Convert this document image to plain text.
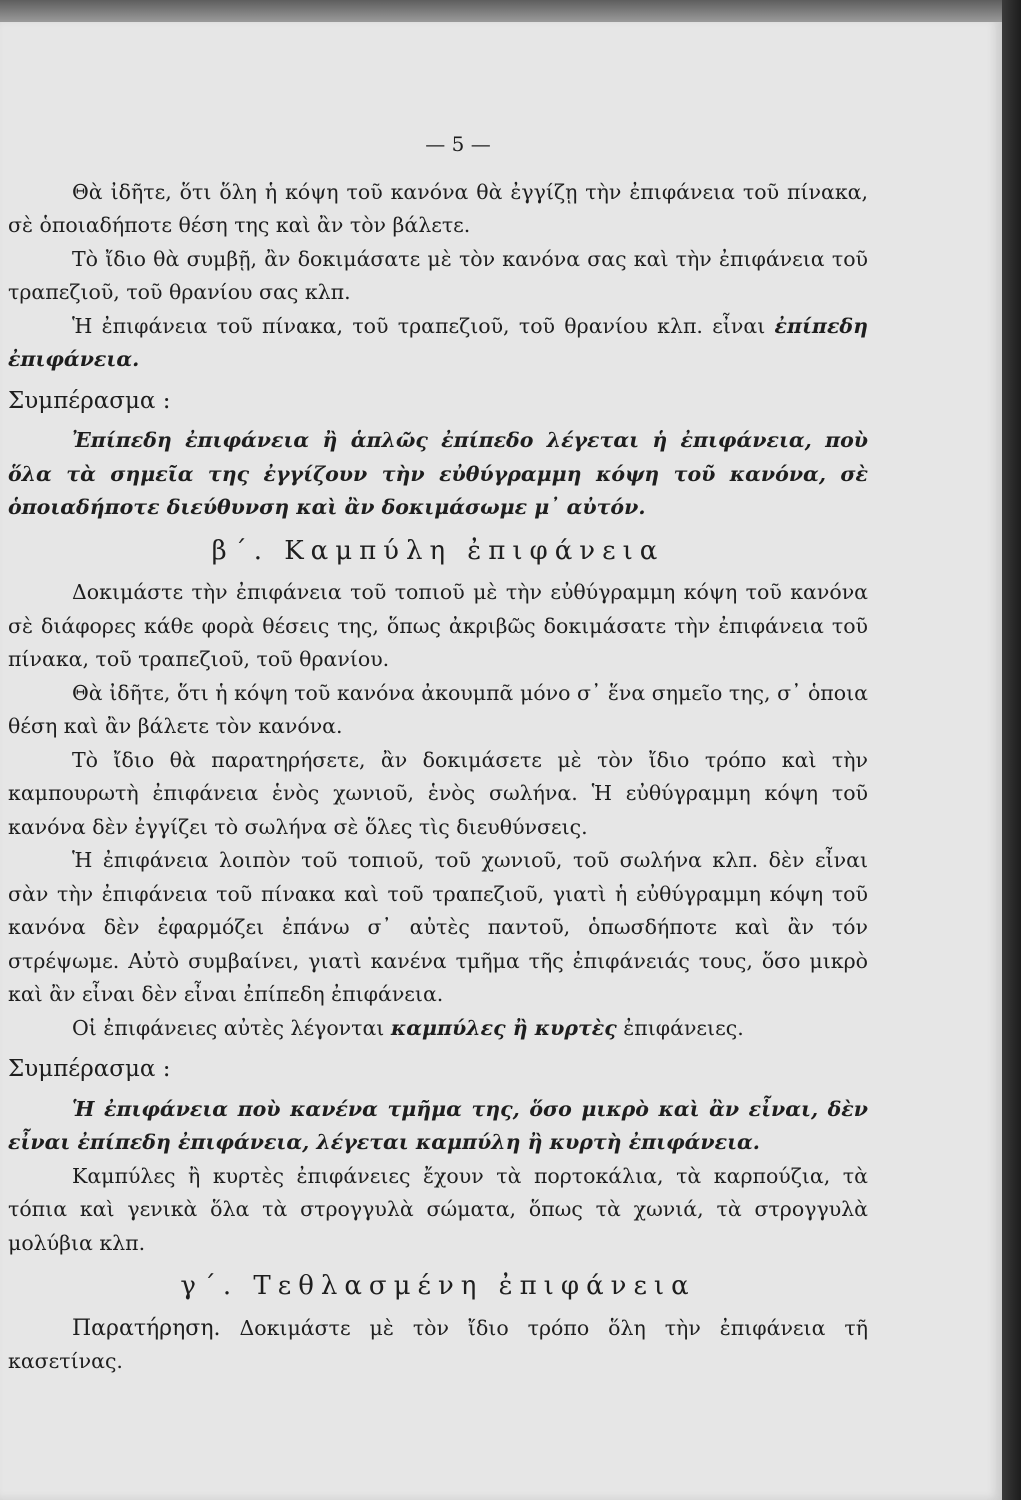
— 5 —

Θὰ ἰδῆτε, ὅτι ὅλη ἡ κόψη τοῦ κανόνα θὰ ἐγγίζῃ τὴν ἐπιφάνεια τοῦ πίνακα, σὲ ὁποιαδήποτε θέση της καὶ ἂν τὸν βάλετε.

Τὸ ἴδιο θὰ συμβῇ, ἂν δοκιμάσατε μὲ τὸν κανόνα σας καὶ τὴν ἐπιφάνεια τοῦ τραπεζιοῦ, τοῦ θρανίου σας κλπ.

Ἡ ἐπιφάνεια τοῦ πίνακα, τοῦ τραπεζιοῦ, τοῦ θρανίου κλπ. εἶναι ἐπίπεδη ἐπιφάνεια.

Συμπέρασμα :

Ἐπίπεδη ἐπιφάνεια ἢ ἁπλῶς ἐπίπεδο λέγεται ἡ ἐπιφάνεια, ποὺ ὅλα τὰ σημεῖα της ἐγγίζουν τὴν εὐθύγραμμη κόψη τοῦ κανόνα, σὲ ὁποιαδήποτε διεύθυνση καὶ ἂν δοκιμάσωμε μ᾽ αὐτόν.

β΄. Καμπύλη ἐπιφάνεια

Δοκιμάστε τὴν ἐπιφάνεια τοῦ τοπιοῦ μὲ τὴν εὐθύγραμμη κόψη τοῦ κανόνα σὲ διάφορες κάθε φορὰ θέσεις της, ὅπως ἀκριβῶς δοκιμάσατε τὴν ἐπιφάνεια τοῦ πίνακα, τοῦ τραπεζιοῦ, τοῦ θρανίου.

Θὰ ἰδῆτε, ὅτι ἡ κόψη τοῦ κανόνα ἀκουμπᾶ μόνο σ᾽ ἕνα σημεῖο της, σ᾽ ὁποια θέση καὶ ἂν βάλετε τὸν κανόνα.

Τὸ ἴδιο θὰ παρατηρήσετε, ἂν δοκιμάσετε μὲ τὸν ἴδιο τρόπο καὶ τὴν καμπουρωτὴ ἐπιφάνεια ἑνὸς χωνιοῦ, ἑνὸς σωλήνα. Ἡ εὐθύγραμμη κόψη τοῦ κανόνα δὲν ἐγγίζει τὸ σωλήνα σὲ ὅλες τὶς διευθύνσεις.

Ἡ ἐπιφάνεια λοιπὸν τοῦ τοπιοῦ, τοῦ χωνιοῦ, τοῦ σωλήνα κλπ. δὲν εἶναι σὰν τὴν ἐπιφάνεια τοῦ πίνακα καὶ τοῦ τραπεζιοῦ, γιατὶ ἡ εὐθύγραμμη κόψη τοῦ κανόνα δὲν ἐφαρμόζει ἐπάνω σ᾽ αὐτὲς παντοῦ, ὁπωσδήποτε καὶ ἂν τόν στρέψωμε. Αὐτὸ συμβαίνει, γιατὶ κανένα τμῆμα τῆς ἐπιφάνειάς τους, ὅσο μικρὸ καὶ ἂν εἶναι δὲν εἶναι ἐπίπεδη ἐπιφάνεια.

Οἱ ἐπιφάνειες αὐτὲς λέγονται καμπύλες ἢ κυρτὲς ἐπιφάνειες.

Συμπέρασμα :

Ἡ ἐπιφάνεια ποὺ κανένα τμῆμα της, ὅσο μικρὸ καὶ ἂν εἶναι, δὲν εἶναι ἐπίπεδη ἐπιφάνεια, λέγεται καμπύλη ἢ κυρτὴ ἐπιφάνεια.

Καμπύλες ἢ κυρτὲς ἐπιφάνειες ἔχουν τὰ πορτοκάλια, τὰ καρπούζια, τὰ τόπια καὶ γενικὰ ὅλα τὰ στρογγυλὰ σώματα, ὅπως τὰ χωνιά, τὰ στρογγυλὰ μολύβια κλπ.

γ΄. Τεθλασμένη ἐπιφάνεια

Παρατήρηση. Δοκιμάστε μὲ τὸν ἴδιο τρόπο ὅλη τὴν ἐπιφάνεια τῆ κασετίνας.
